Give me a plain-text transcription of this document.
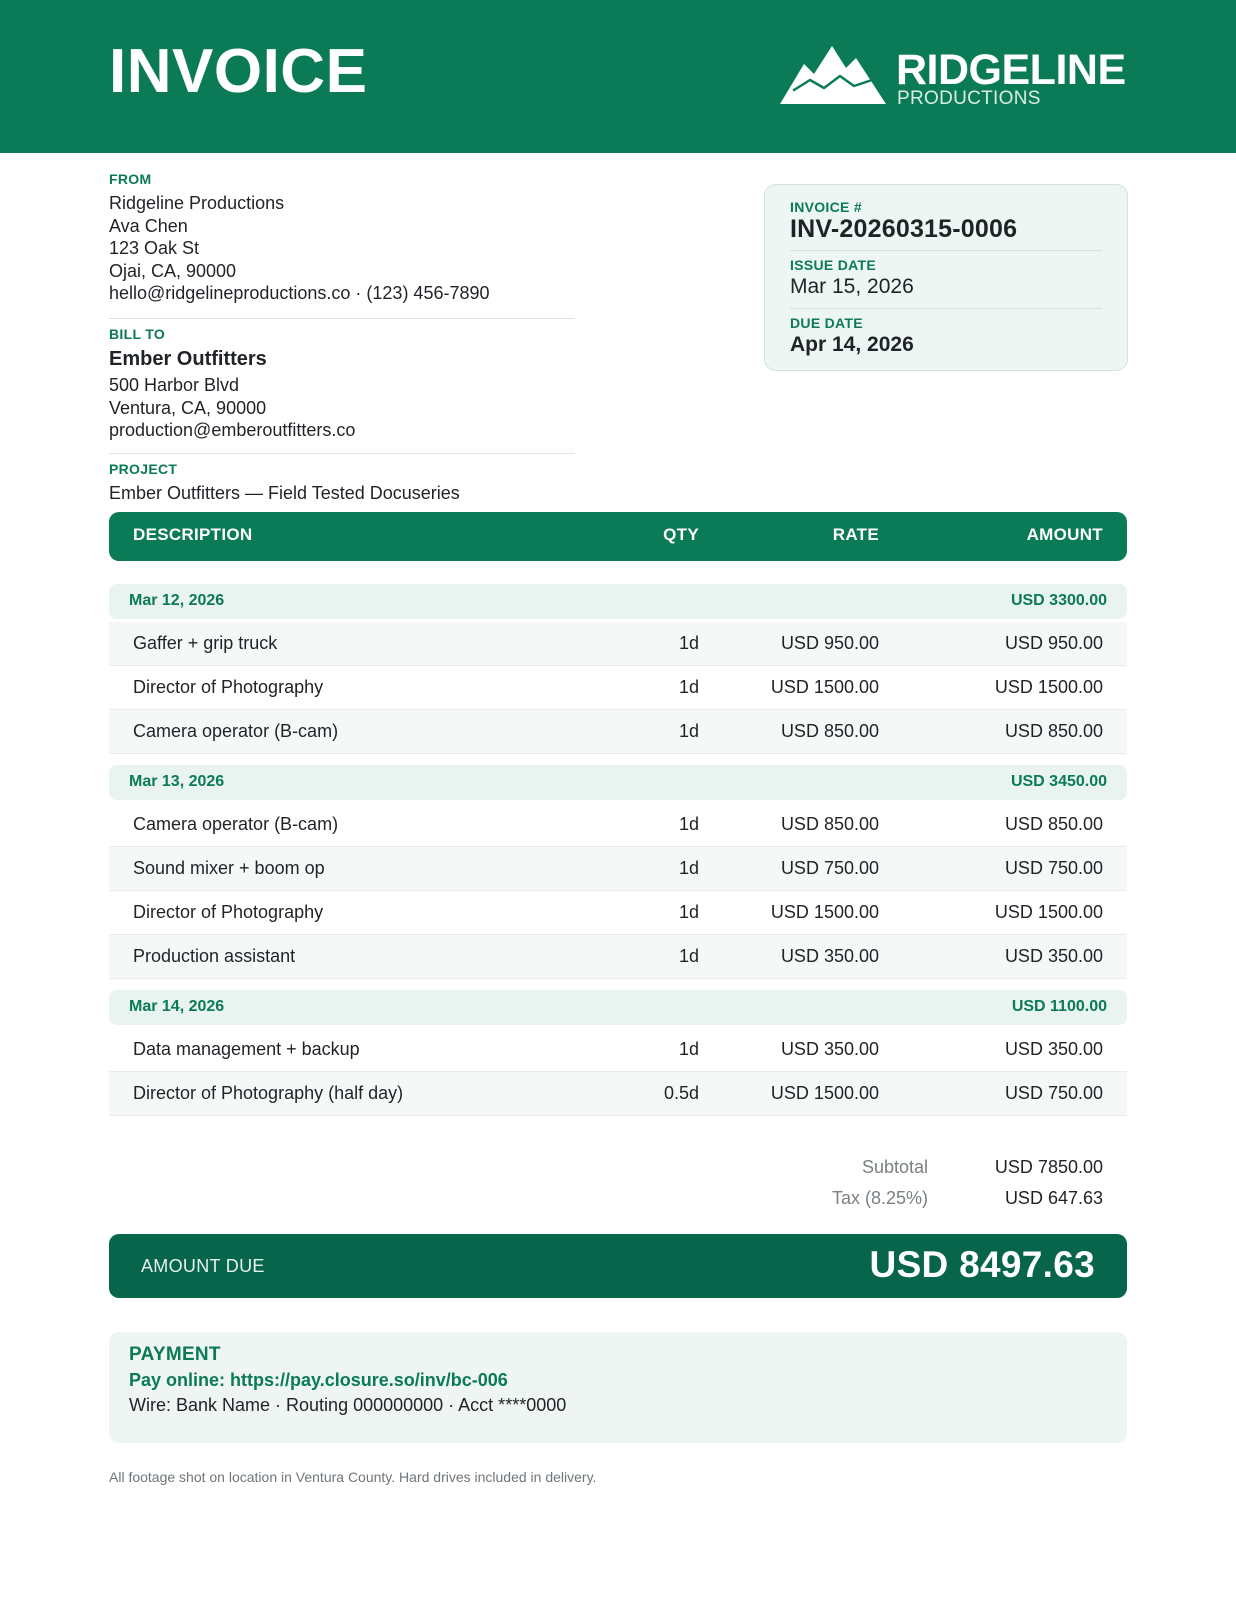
INVOICE	RIDGELINE
PRODUCTIONS
FROM
Ridgeline Productions
Ava Chen
123 Oak St
Ojai, CA, 90000
hello@ridgelineproductions.co · (123) 456-7890
BILL TO
Ember Outfitters
500 Harbor Blvd
Ventura, CA, 90000
production@emberoutfitters.co
PROJECT
Ember Outfitters — Field Tested Docuseries
INVOICE #
INV-20260315-0006
ISSUE DATE
Mar 15, 2026
DUE DATE
Apr 14, 2026
DESCRIPTION	QTY	RATE	AMOUNT
Mar 12, 2026	USD 3300.00
Gaffer + grip truck	1d	USD 950.00	USD 950.00
Director of Photography	1d	USD 1500.00	USD 1500.00
Camera operator (B-cam)	1d	USD 850.00	USD 850.00
Mar 13, 2026	USD 3450.00
Camera operator (B-cam)	1d	USD 850.00	USD 850.00
Sound mixer + boom op	1d	USD 750.00	USD 750.00
Director of Photography	1d	USD 1500.00	USD 1500.00
Production assistant	1d	USD 350.00	USD 350.00
Mar 14, 2026	USD 1100.00
Data management + backup	1d	USD 350.00	USD 350.00
Director of Photography (half day)	0.5d	USD 1500.00	USD 750.00
Subtotal	USD 7850.00
Tax (8.25%)	USD 647.63
AMOUNT DUE	USD 8497.63
PAYMENT
Pay online: https://pay.closure.so/inv/bc-006
Wire: Bank Name · Routing 000000000 · Acct ****0000
All footage shot on location in Ventura County. Hard drives included in delivery.
